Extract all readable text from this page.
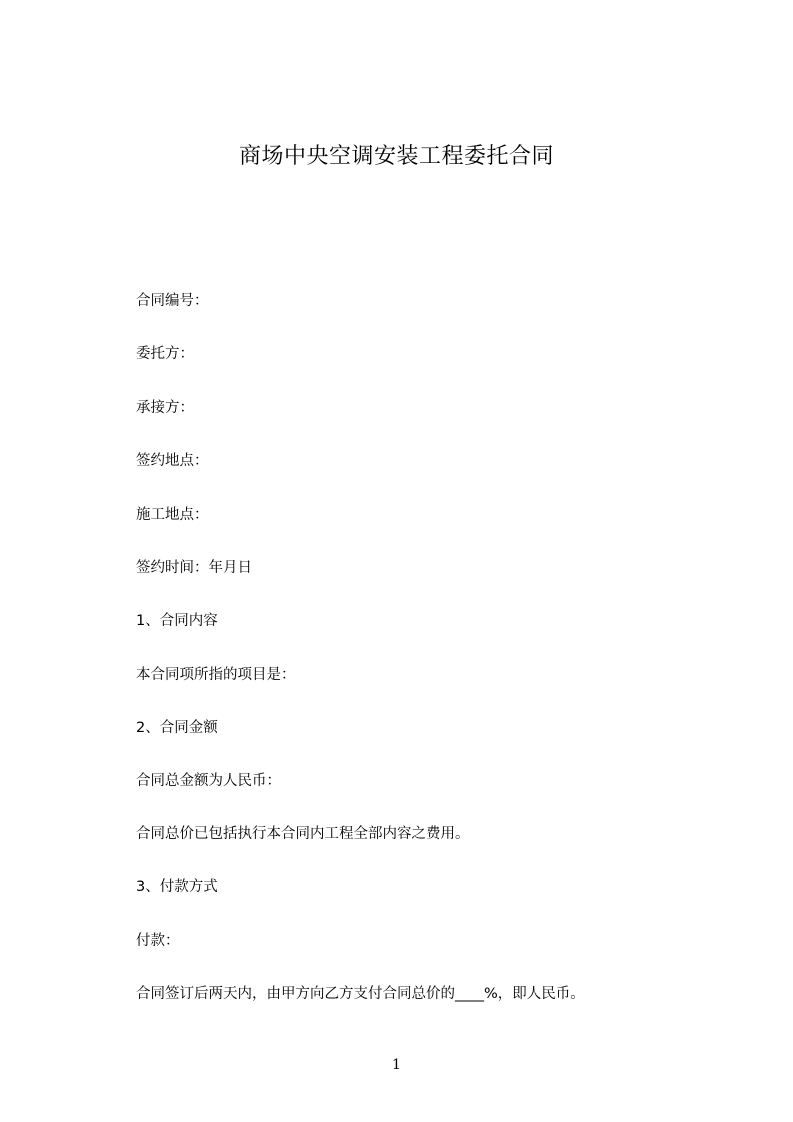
商场中央空调安装工程委托合同
合同编号：
委托方：
承接方：
签约地点：
施工地点：
签约时间：年月日
1、合同内容
本合同项所指的项目是：
2、合同金额
合同总金额为人民币：
合同总价已包括执行本合同内工程全部内容之费用。
3、付款方式
付款：
合同签订后两天内，由甲方向乙方支付合同总价的____%，即人民币。
1
